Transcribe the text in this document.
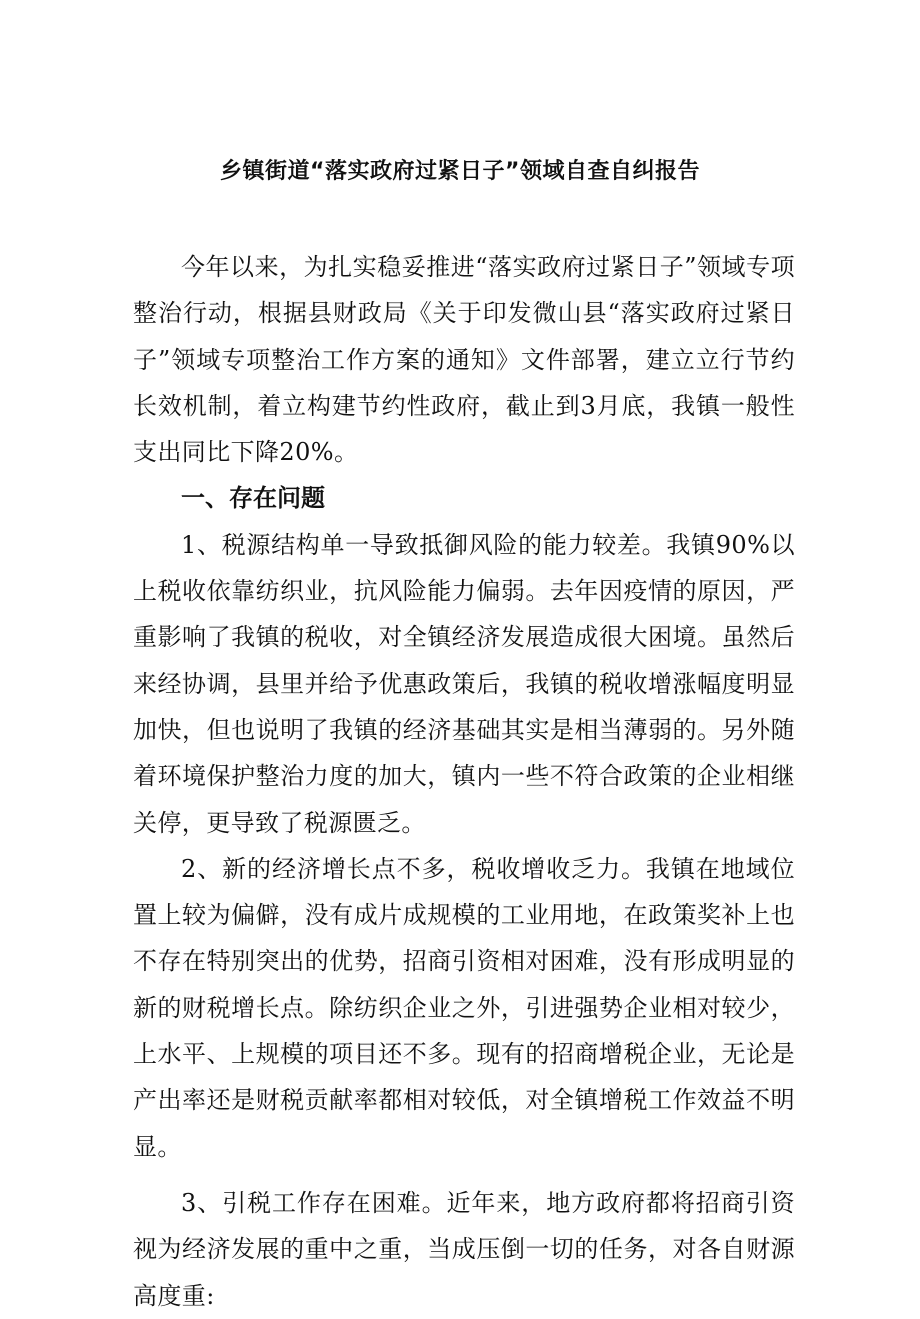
乡镇街道“落实政府过紧日子”领域自查自纠报告

今年以来，为扎实稳妥推进“落实政府过紧日子”领域专项整治行动，根据县财政局《关于印发微山县“落实政府过紧日子”领域专项整治工作方案的通知》文件部署，建立立行节约长效机制，着立构建节约性政府，截止到3月底，我镇一般性支出同比下降20%。

一、存在问题

1、税源结构单一导致抵御风险的能力较差。我镇90%以上税收依靠纺织业，抗风险能力偏弱。去年因疫情的原因，严重影响了我镇的税收，对全镇经济发展造成很大困境。虽然后来经协调，县里并给予优惠政策后，我镇的税收增涨幅度明显加快，但也说明了我镇的经济基础其实是相当薄弱的。另外随着环境保护整治力度的加大，镇内一些不符合政策的企业相继关停，更导致了税源匮乏。

2、新的经济增长点不多，税收增收乏力。我镇在地域位置上较为偏僻，没有成片成规模的工业用地，在政策奖补上也不存在特别突出的优势，招商引资相对困难，没有形成明显的新的财税增长点。除纺织企业之外，引进强势企业相对较少，上水平、上规模的项目还不多。现有的招商增税企业，无论是产出率还是财税贡献率都相对较低，对全镇增税工作效益不明显。

3、引税工作存在困难。近年来，地方政府都将招商引资视为经济发展的重中之重，当成压倒一切的任务，对各自财源高度重:
